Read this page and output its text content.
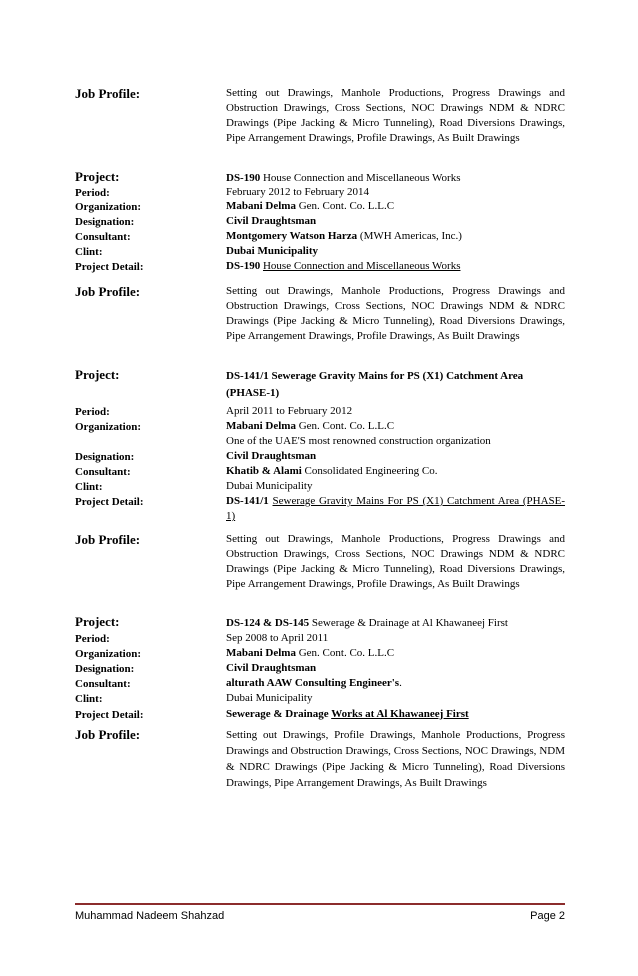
Job Profile:	Setting out Drawings, Manhole Productions, Progress Drawings and Obstruction Drawings, Cross Sections, NOC Drawings NDM & NDRC Drawings (Pipe Jacking & Micro Tunneling), Road Diversions Drawings, Pipe Arrangement Drawings, Profile Drawings, As Built Drawings
Project:	DS-190 House Connection and Miscellaneous Works
Period:	February 2012 to February 2014
Organization:	Mabani Delma Gen. Cont. Co. L.L.C
Designation:	Civil Draughtsman
Consultant:	Montgomery Watson Harza (MWH Americas, Inc.)
Clint:	Dubai Municipality
Project Detail:	DS-190 House Connection and Miscellaneous Works
Job Profile:	Setting out Drawings, Manhole Productions, Progress Drawings and Obstruction Drawings, Cross Sections, NOC Drawings NDM & NDRC Drawings (Pipe Jacking & Micro Tunneling), Road Diversions Drawings, Pipe Arrangement Drawings, Profile Drawings, As Built Drawings
Project:	DS-141/1 Sewerage Gravity Mains for PS (X1) Catchment Area (PHASE-1)
Period:	April 2011 to February 2012
Organization:	Mabani Delma Gen. Cont. Co. L.L.C
One of the UAE'S most renowned construction organization
Designation:	Civil Draughtsman
Consultant:	Khatib & Alami Consolidated Engineering Co.
Clint:	Dubai Municipality
Project Detail:	DS-141/1 Sewerage Gravity Mains For PS (X1) Catchment Area (PHASE-1)
Job Profile:	Setting out Drawings, Manhole Productions, Progress Drawings and Obstruction Drawings, Cross Sections, NOC Drawings NDM & NDRC Drawings (Pipe Jacking & Micro Tunneling), Road Diversions Drawings, Pipe Arrangement Drawings, Profile Drawings, As Built Drawings
Project:	DS-124 & DS-145 Sewerage & Drainage at Al Khawaneej First
Period:	Sep 2008 to April 2011
Organization:	Mabani Delma Gen. Cont. Co. L.L.C
Designation:	Civil Draughtsman
Consultant:	alturath AAW Consulting Engineer's.
Clint:	Dubai Municipality
Project Detail:	Sewerage & Drainage Works at Al Khawaneej First
Job Profile:	Setting out Drawings, Profile Drawings, Manhole Productions, Progress Drawings and Obstruction Drawings, Cross Sections, NOC Drawings, NDM & NDRC Drawings (Pipe Jacking & Micro Tunneling), Road Diversions Drawings, Pipe Arrangement Drawings, As Built Drawings
Muhammad Nadeem Shahzad	Page 2
